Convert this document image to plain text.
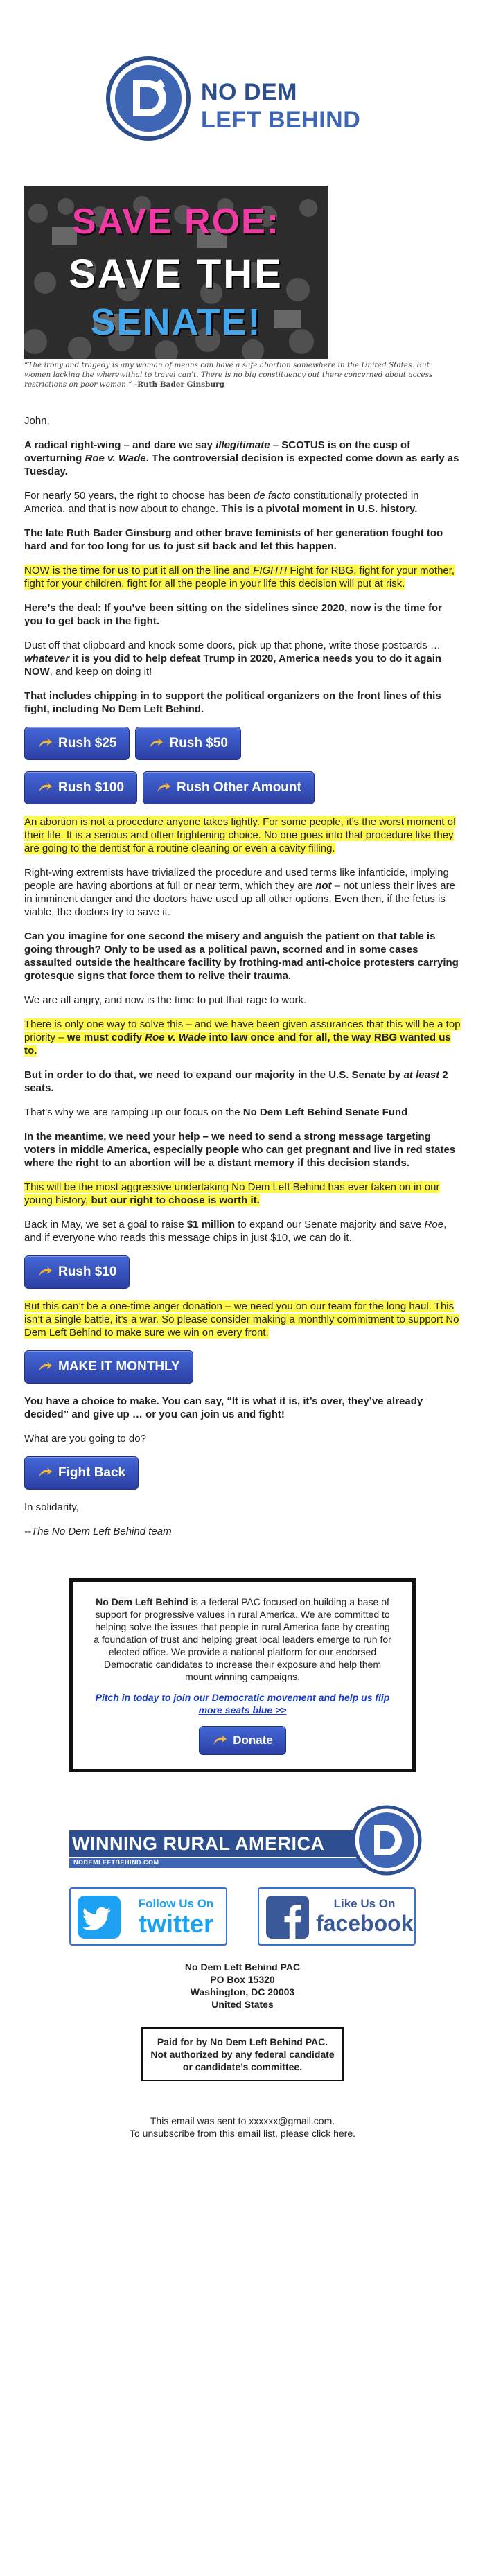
NO DEM
LEFT BEHIND
SAVE ROE:
SAVE THE
SENATE!
“The irony and tragedy is any woman of means can have a safe abortion somewhere in the United States. But women lacking the wherewithal to travel can’t. There is no big constituency out there concerned about access restrictions on poor women.” -Ruth Bader Ginsburg

John,

A radical right-wing – and dare we say illegitimate – SCOTUS is on the cusp of overturning Roe v. Wade. The controversial decision is expected come down as early as Tuesday.

For nearly 50 years, the right to choose has been de facto constitutionally protected in America, and that is now about to change. This is a pivotal moment in U.S. history.

The late Ruth Bader Ginsburg and other brave feminists of her generation fought too hard and for too long for us to just sit back and let this happen.

NOW is the time for us to put it all on the line and FIGHT! Fight for RBG, fight for your mother, fight for your children, fight for all the people in your life this decision will put at risk.

Here’s the deal: If you’ve been sitting on the sidelines since 2020, now is the time for you to get back in the fight.

Dust off that clipboard and knock some doors, pick up that phone, write those postcards … whatever it is you did to help defeat Trump in 2020, America needs you to do it again NOW, and keep on doing it!

That includes chipping in to support the political organizers on the front lines of this fight, including No Dem Left Behind.

Rush $25	Rush $50
Rush $100	Rush Other Amount

An abortion is not a procedure anyone takes lightly. For some people, it’s the worst moment of their life. It is a serious and often frightening choice. No one goes into that procedure like they are going to the dentist for a routine cleaning or even a cavity filling.

Right-wing extremists have trivialized the procedure and used terms like infanticide, implying people are having abortions at full or near term, which they are not – not unless their lives are in imminent danger and the doctors have used up all other options. Even then, if the fetus is viable, the doctors try to save it.

Can you imagine for one second the misery and anguish the patient on that table is going through? Only to be used as a political pawn, scorned and in some cases assaulted outside the healthcare facility by frothing-mad anti-choice protesters carrying grotesque signs that force them to relive their trauma.

We are all angry, and now is the time to put that rage to work.

There is only one way to solve this – and we have been given assurances that this will be a top priority – we must codify Roe v. Wade into law once and for all, the way RBG wanted us to.

But in order to do that, we need to expand our majority in the U.S. Senate by at least 2 seats.

That’s why we are ramping up our focus on the No Dem Left Behind Senate Fund.

In the meantime, we need your help – we need to send a strong message targeting voters in middle America, especially people who can get pregnant and live in red states where the right to an abortion will be a distant memory if this decision stands.

This will be the most aggressive undertaking No Dem Left Behind has ever taken on in our young history, but our right to choose is worth it.

Back in May, we set a goal to raise $1 million to expand our Senate majority and save Roe, and if everyone who reads this message chips in just $10, we can do it.

Rush $10

But this can’t be a one-time anger donation – we need you on our team for the long haul. This isn’t a single battle, it’s a war. So please consider making a monthly commitment to support No Dem Left Behind to make sure we win on every front.

MAKE IT MONTHLY

You have a choice to make. You can say, “It is what it is, it’s over, they’ve already decided” and give up … or you can join us and fight!

What are you going to do?

Fight Back

In solidarity,

--The No Dem Left Behind team

No Dem Left Behind is a federal PAC focused on building a base of support for progressive values in rural America. We are committed to helping solve the issues that people in rural America face by creating a foundation of trust and helping great local leaders emerge to run for elected office. We provide a national platform for our endorsed Democratic candidates to increase their exposure and help them mount winning campaigns.
Pitch in today to join our Democratic movement and help us flip more seats blue >>
Donate
WINNING RURAL AMERICA
NODEMLEFTBEHIND.COM
Follow Us On
twitter
Like Us On
facebook
No Dem Left Behind PAC
PO Box 15320
Washington, DC 20003
United States
Paid for by No Dem Left Behind PAC.
Not authorized by any federal candidate or candidate’s committee.
This email was sent to xxxxxx@gmail.com.
To unsubscribe from this email list, please click here.
